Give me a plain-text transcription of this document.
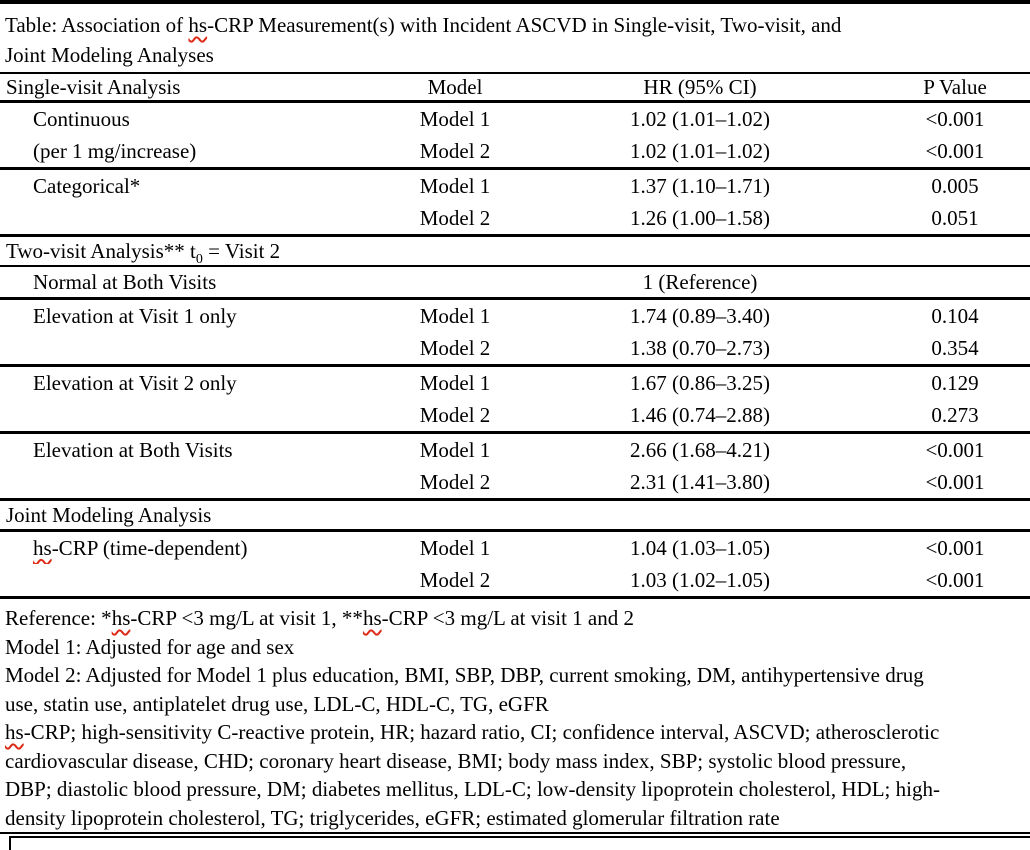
Table: Association of hs-CRP Measurement(s) with Incident ASCVD in Single-visit, Two-visit, and
Joint Modeling Analyses
Single-visit Analysis	Model	HR (95% CI)	P Value
Continuous	Model 1	1.02 (1.01–1.02)	<0.001
(per 1 mg/increase)	Model 2	1.02 (1.01–1.02)	<0.001
Categorical*	Model 1	1.37 (1.10–1.71)	0.005
	Model 2	1.26 (1.00–1.58)	0.051
Two-visit Analysis** $t_0$ = Visit 2			
Normal at Both Visits		1 (Reference)	
Elevation at Visit 1 only	Model 1	1.74 (0.89–3.40)	0.104
	Model 2	1.38 (0.70–2.73)	0.354
Elevation at Visit 2 only	Model 1	1.67 (0.86–3.25)	0.129
	Model 2	1.46 (0.74–2.88)	0.273
Elevation at Both Visits	Model 1	2.66 (1.68–4.21)	<0.001
	Model 2	2.31 (1.41–3.80)	<0.001
Joint Modeling Analysis			
hs-CRP (time-dependent)	Model 1	1.04 (1.03–1.05)	<0.001
	Model 2	1.03 (1.02–1.05)	<0.001
Reference: *hs-CRP <3 mg/L at visit 1, **hs-CRP <3 mg/L at visit 1 and 2
Model 1: Adjusted for age and sex
Model 2: Adjusted for Model 1 plus education, BMI, SBP, DBP, current smoking, DM, antihypertensive drug
use, statin use, antiplatelet drug use, LDL-C, HDL-C, TG, eGFR
hs-CRP; high-sensitivity C-reactive protein, HR; hazard ratio, CI; confidence interval, ASCVD; atherosclerotic
cardiovascular disease, CHD; coronary heart disease, BMI; body mass index, SBP; systolic blood pressure,
DBP; diastolic blood pressure, DM; diabetes mellitus, LDL-C; low-density lipoprotein cholesterol, HDL; high-
density lipoprotein cholesterol, TG; triglycerides, eGFR; estimated glomerular filtration rate
